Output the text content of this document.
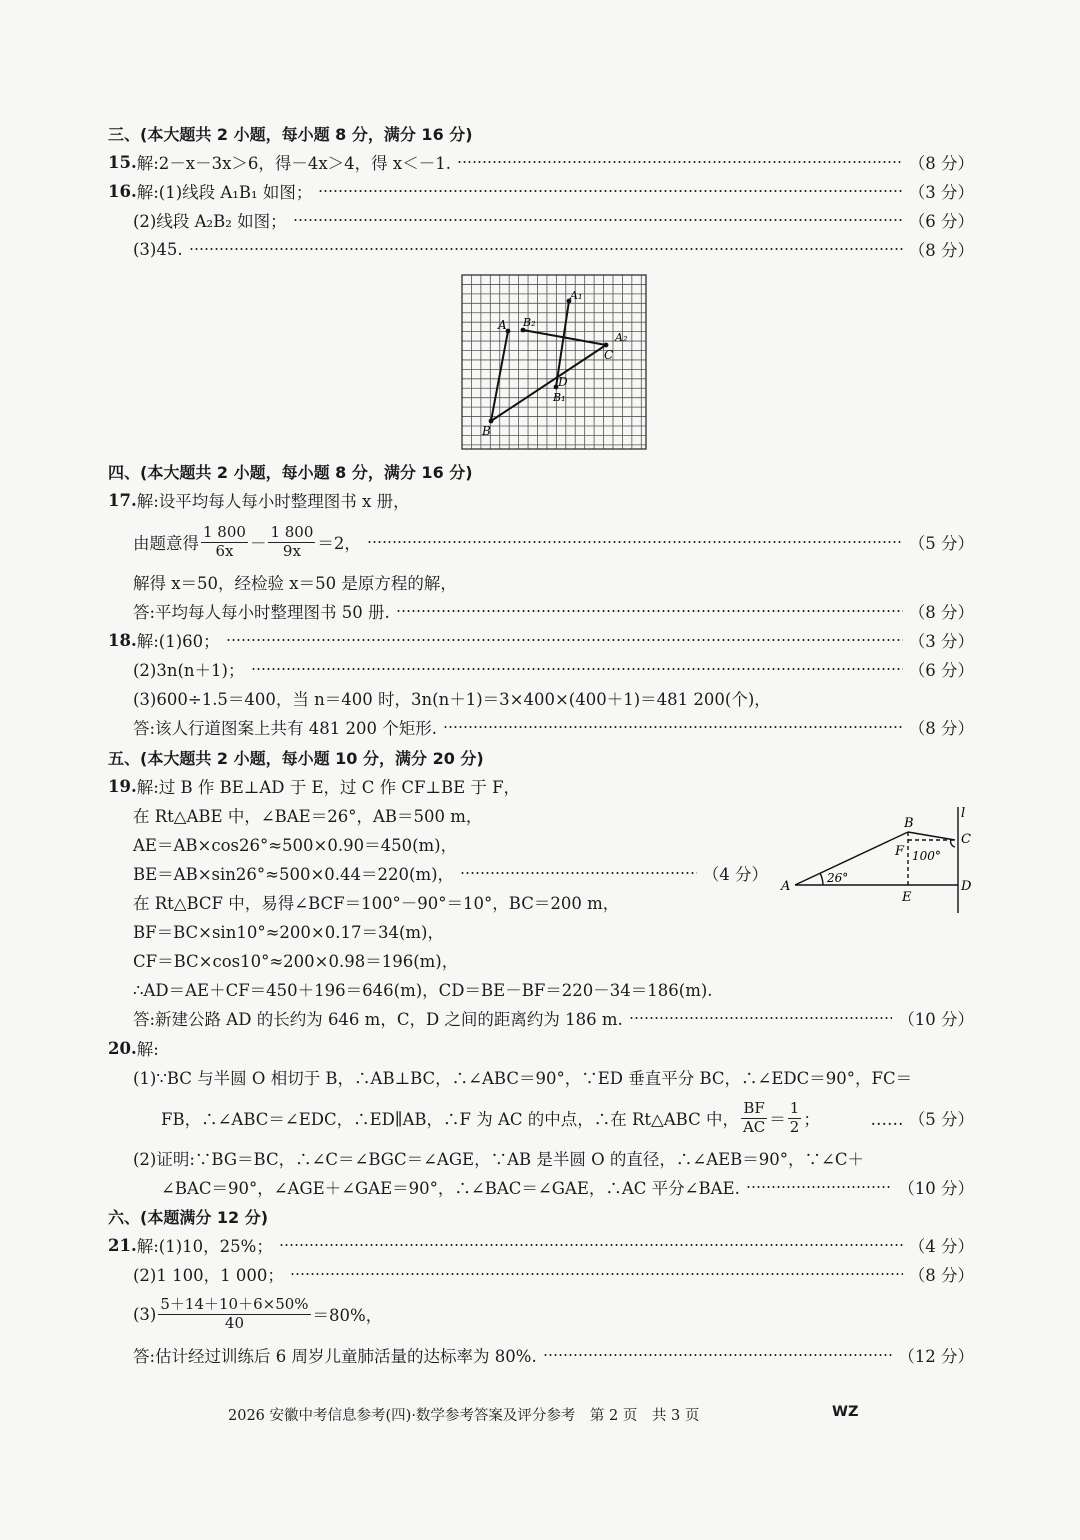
三、(本大题共 2 小题，每小题 8 分，满分 16 分)
15. 解:2－x－3x＞6，得－4x＞4，得 x＜－1.	（8 分）
16. 解:(1)线段 A₁B₁ 如图；	（3 分）
(2)线段 A₂B₂ 如图；	（6 分）
(3)45.	（8 分）
A
B
A₁
B₁
A₂
B₂
C
D
四、(本大题共 2 小题，每小题 8 分，满分 16 分)
17. 解:设平均每人每小时整理图书 x 册，
由题意得 $\frac{1 800}{6x} - \frac{1 800}{9x} =2$，	（5 分）
解得 x＝50，经检验 x＝50 是原方程的解，
答:平均每人每小时整理图书 50 册.	（8 分）
18. 解:(1)60；	（3 分）
(2)3n(n＋1)；	（6 分）
(3)600÷1.5＝400，当 n＝400 时，3n(n＋1)＝3×400×(400＋1)＝481 200(个)，
答:该人行道图案上共有 481 200 个矩形.	（8 分）
五、(本大题共 2 小题，每小题 10 分，满分 20 分)
19. 解:过 B 作 BE⊥AD 于 E，过 C 作 CF⊥BE 于 F，
在 Rt△ABE 中，∠BAE＝26°，AB＝500 m，
AE＝AB×cos26°≈500×0.90＝450(m)，
BE＝AB×sin26°≈500×0.44＝220(m)，	（4 分）
在 Rt△BCF 中，易得∠BCF＝100°－90°＝10°，BC＝200 m，
BF＝BC×sin10°≈200×0.17＝34(m)，
CF＝BC×cos10°≈200×0.98＝196(m)，
∴AD＝AE＋CF＝450＋196＝646(m)，CD＝BE－BF＝220－34＝186(m).
答:新建公路 AD 的长约为 646 m，C，D 之间的距离约为 186 m.	（10 分）
l
B
C
D
A
E
F
26°
100°
20. 解:
(1)∵BC 与半圆 O 相切于 B，∴AB⊥BC，∴∠ABC＝90°，∵ED 垂直平分 BC，∴∠EDC＝90°，FC＝
FB，∴∠ABC＝∠EDC，∴ED∥AB，∴F 为 AC 的中点，∴在 Rt△ABC 中， $\frac{BF}{AC} = \frac{1}{2}$ ；	…… （5 分）
(2)证明:∵BG＝BC，∴∠C＝∠BGC＝∠AGE，∵AB 是半圆 O 的直径，∴∠AEB＝90°，∵∠C＋
∠BAC＝90°，∠AGE＋∠GAE＝90°，∴∠BAC＝∠GAE，∴AC 平分∠BAE.	（10 分）
六、(本题满分 12 分)
21. 解:(1)10，25%；	（4 分）
(2)1 100，1 000；	（8 分）
$(3) \frac{5+14+10+6\times 50\%}{40} =80\%$，
答:估计经过训练后 6 周岁儿童肺活量的达标率为 80%.	（12 分）
2026 安徽中考信息参考(四)·数学参考答案及评分参考　第 2 页　共 3 页	WZ
